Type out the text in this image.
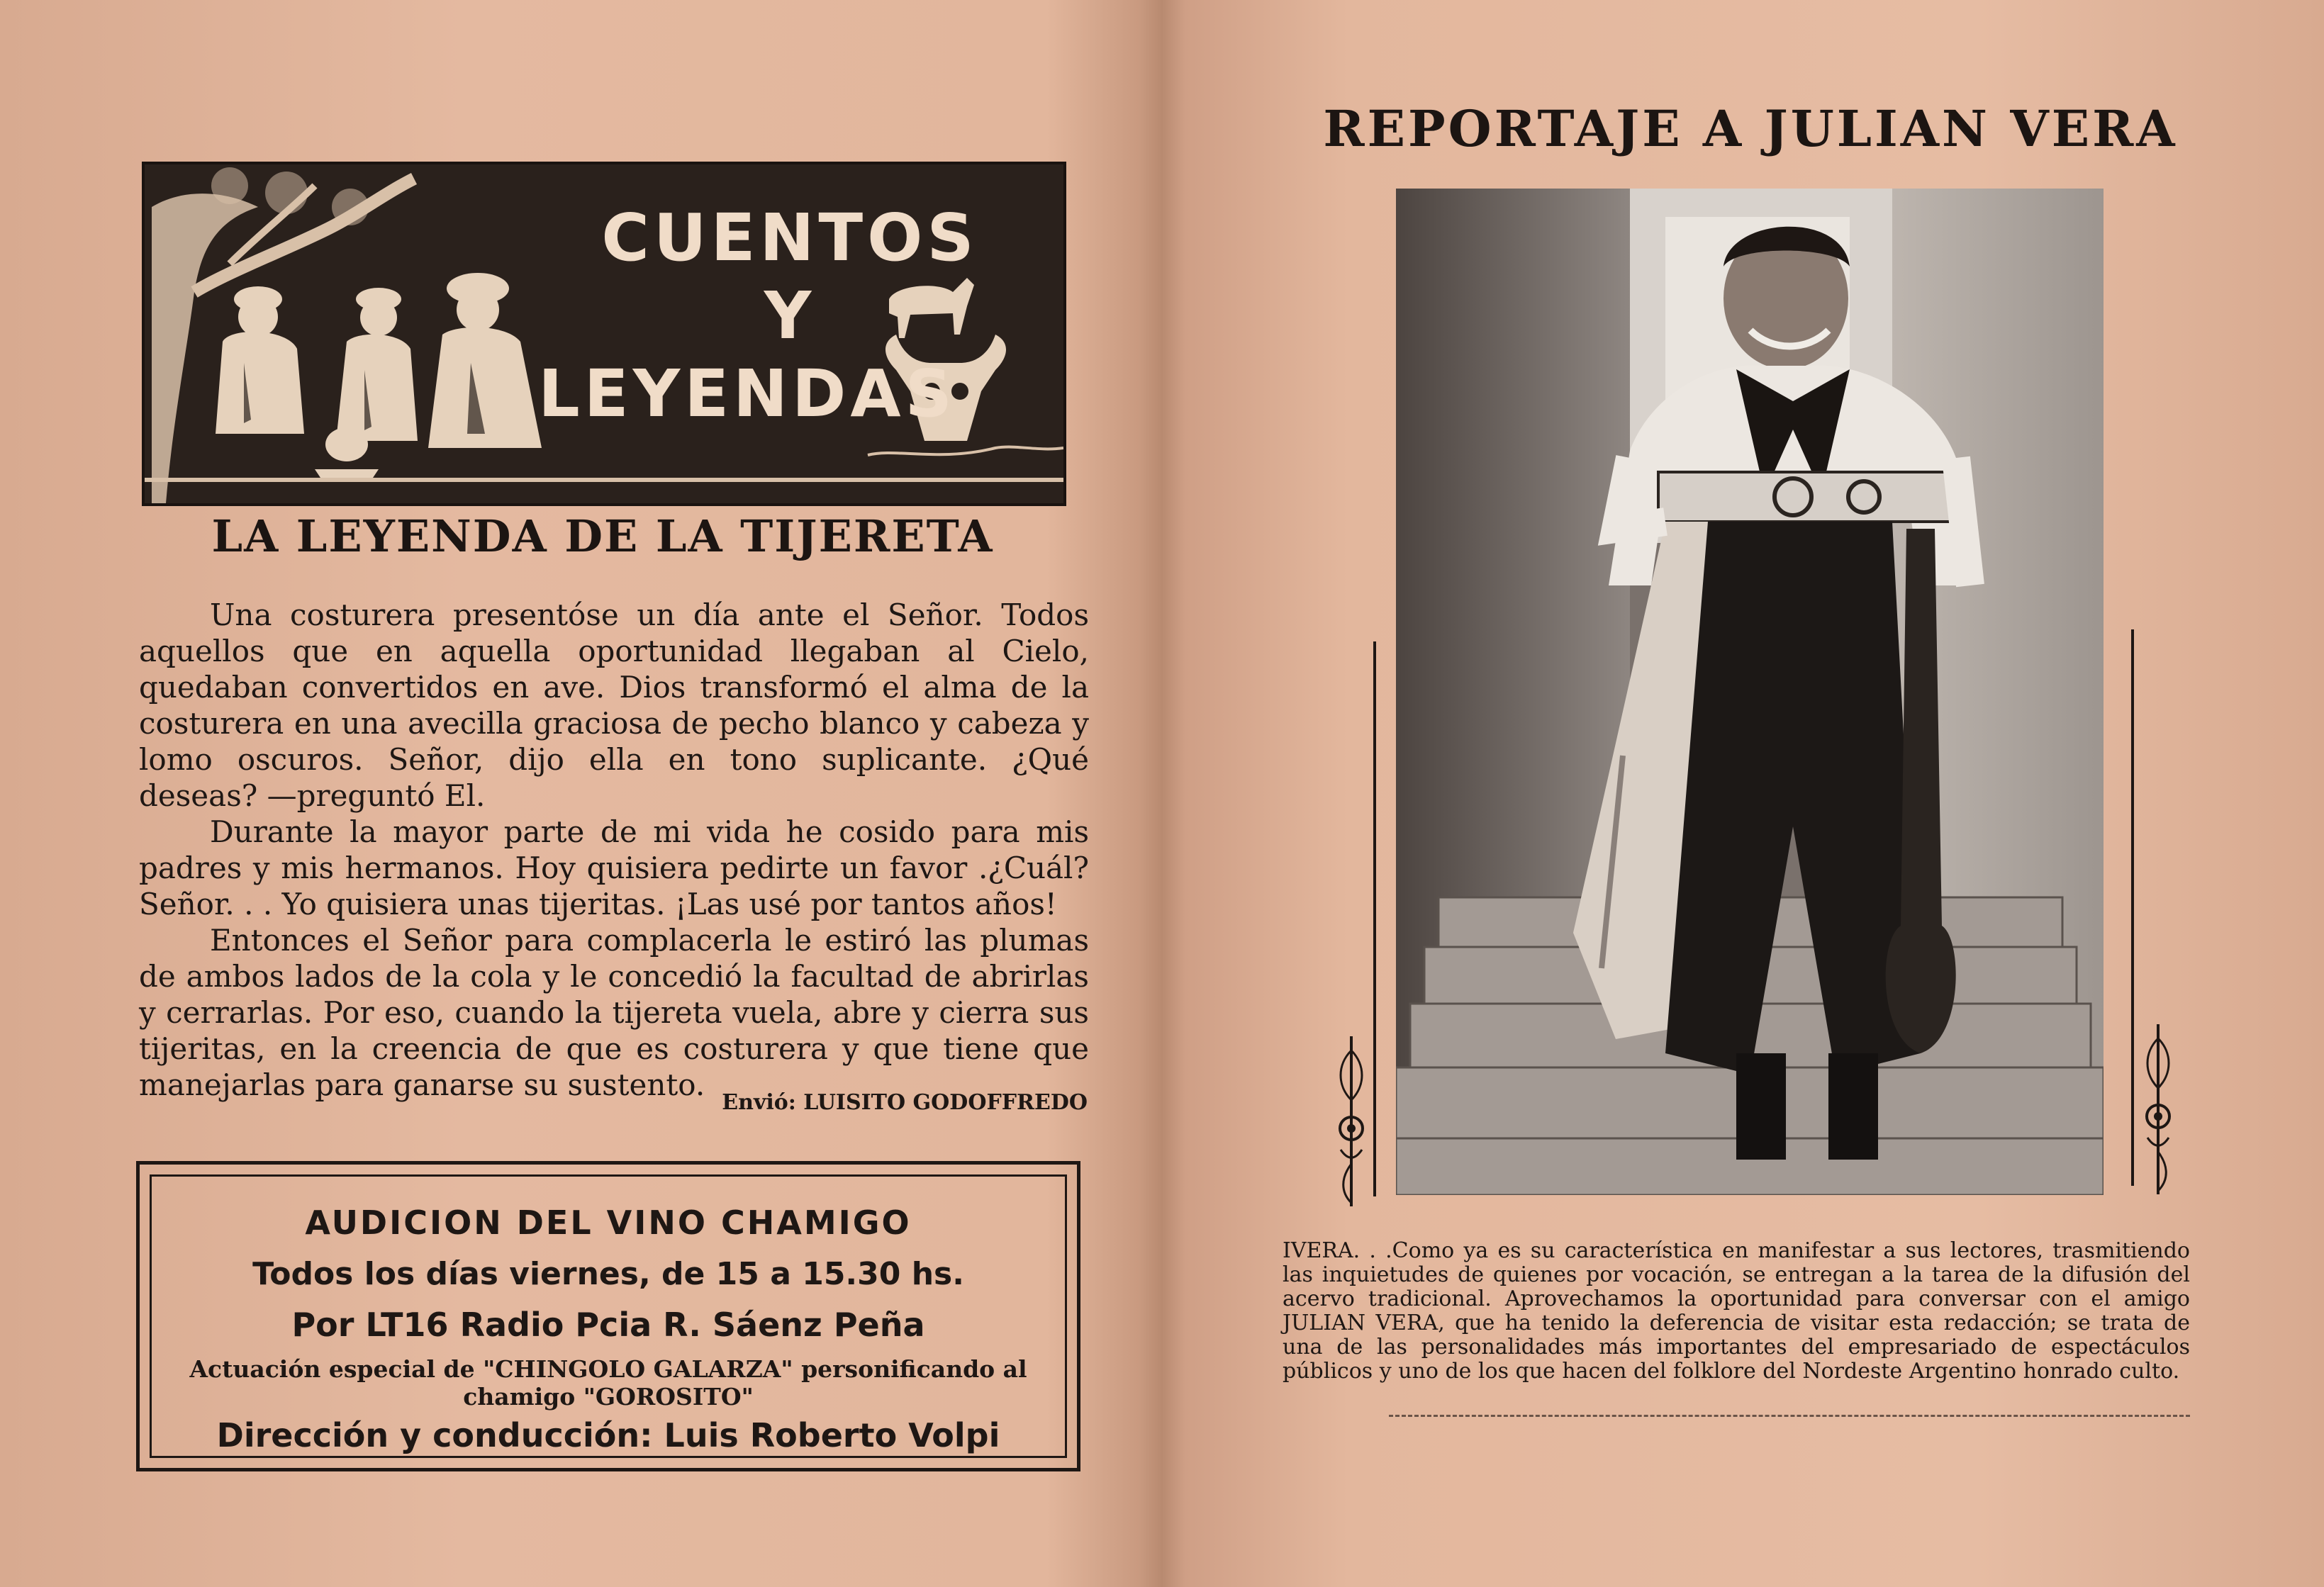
CUENTOS
Y
LEYENDAS
LA LEYENDA DE LA TIJERETA

Una costurera presentóse un día ante el Señor. Todos aquellos que en aquella oportunidad llegaban al Cielo, quedaban convertidos en ave. Dios transformó el alma de la costurera en una avecilla graciosa de pecho blanco y cabeza y lomo oscuros. Señor, dijo ella en tono suplicante. ¿Qué deseas? —preguntó El.

Durante la mayor parte de mi vida he cosido para mis padres y mis hermanos. Hoy quisiera pedirte un favor .¿Cuál? Señor. . . Yo quisiera unas tijeritas. ¡Las usé por tantos años!

Entonces el Señor para complacerla le estiró las plumas de ambos lados de la cola y le concedió la facultad de abrirlas y cerrarlas. Por eso, cuando la tijereta vuela, abre y cierra sus tijeritas, en la creencia de que es costurera y que tiene que manejarlas para ganarse su sustento.

Envió: LUISITO GODOFFREDO
AUDICION DEL VINO CHAMIGO
Todos los días viernes, de 15 a 15.30 hs.
Por LT16 Radio Pcia R. Sáenz Peña
Actuación especial de "CHINGOLO GALARZA" personificando al chamigo "GOROSITO"
Dirección y conducción: Luis Roberto Volpi
REPORTAJE A JULIAN VERA

IVERA. . .Como ya es su característica en manifestar a sus lectores, trasmitiendo las inquietudes de quienes por vocación, se entregan a la tarea de la difusión del acervo tradicional. Aprovechamos la oportunidad para conversar con el amigo JULIAN VERA, que ha tenido la deferencia de visitar esta redacción; se trata de una de las personalidades más importantes del empresariado de espectáculos públicos y uno de los que hacen del folklore del Nordeste Argentino honrado culto.
